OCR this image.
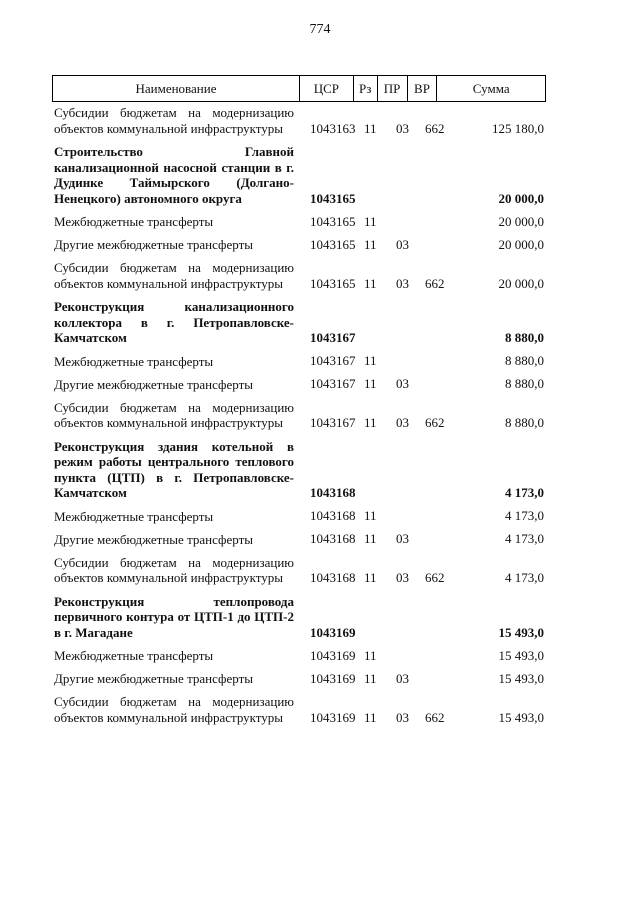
774
Наименование	ЦСР	Рз ПР	ВР	Сумма
Субсидии бюджетам на модернизацию объектов коммунальной инфраструктуры	1043163 11 03 662	125 180,0
Строительство Главной канализационной насосной станции в г. Дудинке Таймырского (Долгано-Ненецкого) автономного округа	1043165	20 000,0
Межбюджетные трансферты	1043165 11	20 000,0
Другие межбюджетные трансферты	1043165 11 03	20 000,0
Субсидии бюджетам на модернизацию объектов коммунальной инфраструктуры	1043165 11 03 662	20 000,0
Реконструкция канализационного коллектора в г. Петропавловске-Камчатском	1043167	8 880,0
Межбюджетные трансферты	1043167 11	8 880,0
Другие межбюджетные трансферты	1043167 11 03	8 880,0
Субсидии бюджетам на модернизацию объектов коммунальной инфраструктуры	1043167 11 03 662	8 880,0
Реконструкция здания котельной в режим работы центрального теплового пункта (ЦТП) в г. Петропавловске-Камчатском	1043168	4 173,0
Межбюджетные трансферты	1043168 11	4 173,0
Другие межбюджетные трансферты	1043168 11 03	4 173,0
Субсидии бюджетам на модернизацию объектов коммунальной инфраструктуры	1043168 11 03 662	4 173,0
Реконструкция теплопровода первичного контура от ЦТП-1 до ЦТП-2 в г. Магадане	1043169	15 493,0
Межбюджетные трансферты	1043169 11	15 493,0
Другие межбюджетные трансферты	1043169 11 03	15 493,0
Субсидии бюджетам на модернизацию объектов коммунальной инфраструктуры	1043169 11 03 662	15 493,0
